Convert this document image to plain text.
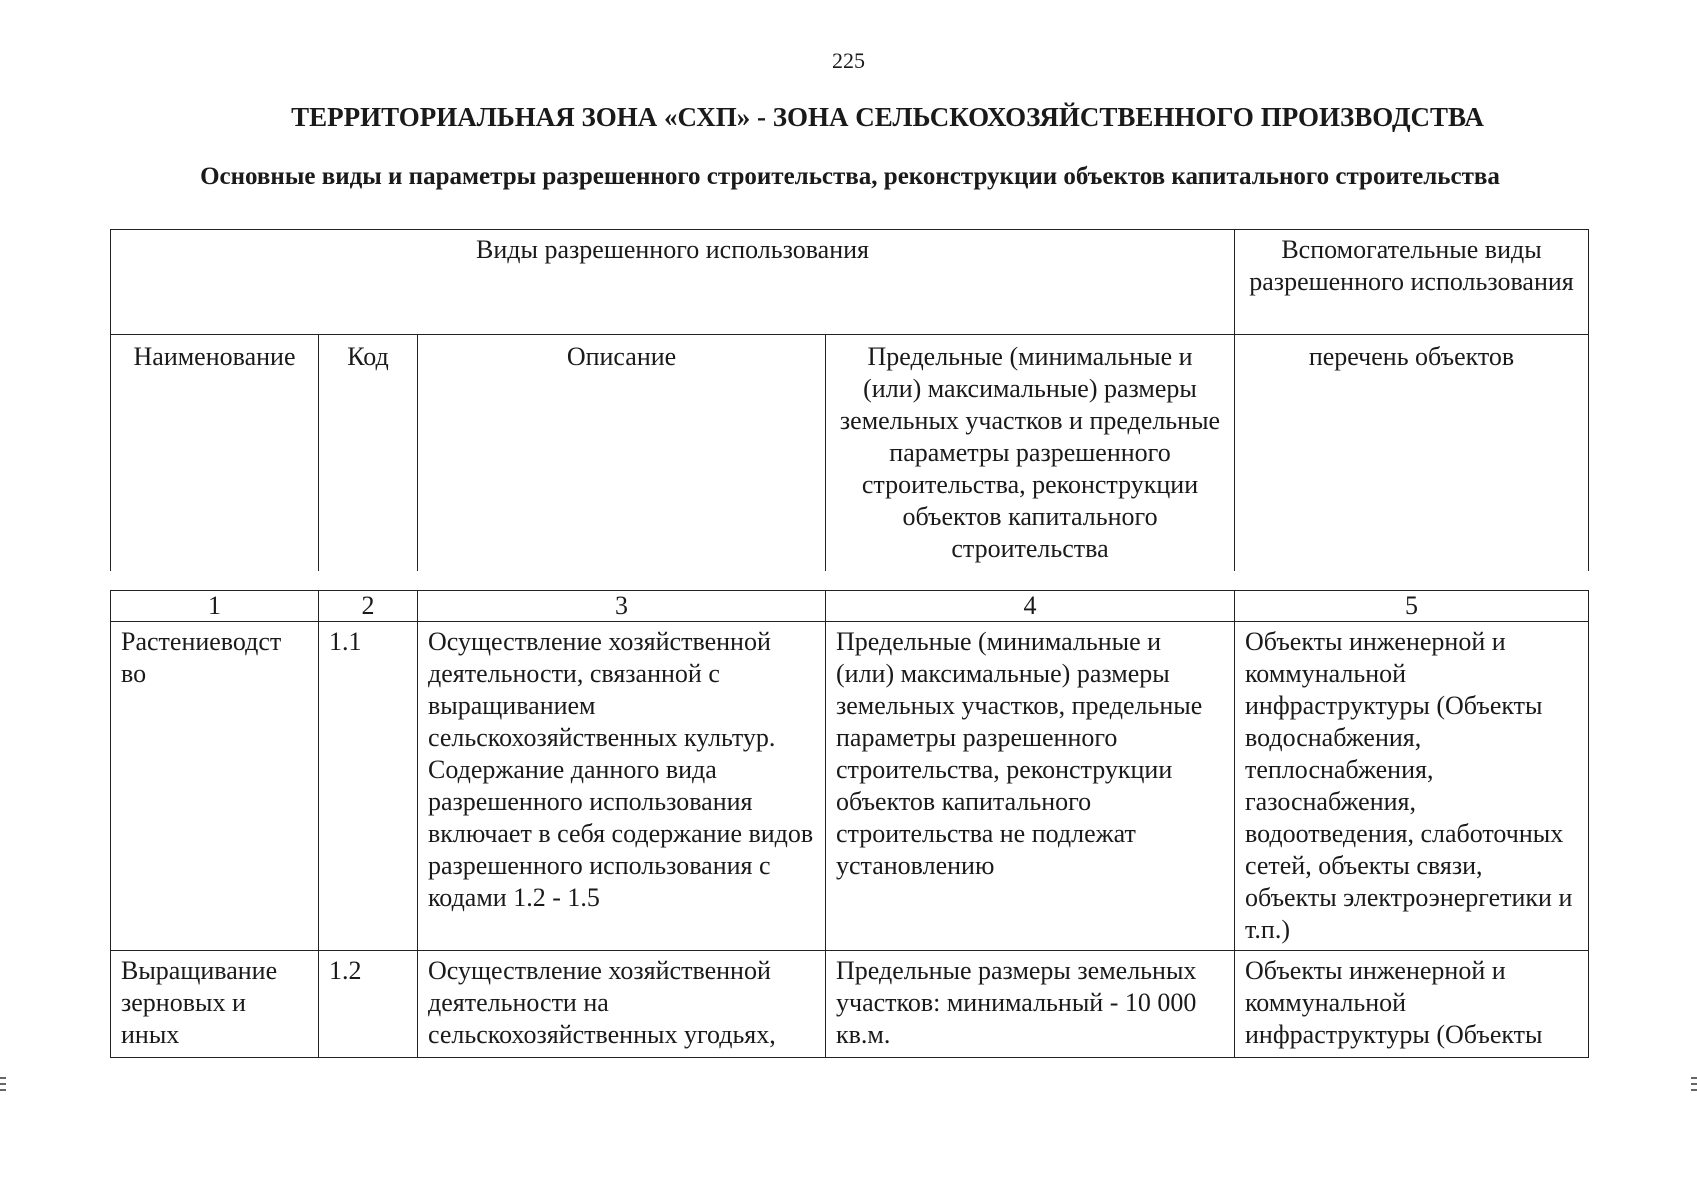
225
ТЕРРИТОРИАЛЬНАЯ ЗОНА «СХП» - ЗОНА СЕЛЬСКОХОЗЯЙСТВЕННОГО ПРОИЗВОДСТВА
Основные виды и параметры разрешенного строительства, реконструкции объектов капитального строительства
Виды разрешенного использования				Вспомогательные виды разрешенного использования
Наименование	Код	Описание	Предельные (минимальные и (или) максимальные) размеры земельных участков и предельные параметры разрешенного строительства, реконструкции объектов капитального строительства	перечень объектов
1	2	3	4	5
Растениеводст во	1.1	Осуществление хозяйственной деятельности, связанной с выращиванием сельскохозяйственных культур. Содержание данного вида разрешенного использования включает в себя содержание видов разрешенного использования с кодами 1.2 - 1.5	Предельные (минимальные и (или) максимальные) размеры земельных участков, предельные параметры разрешенного строительства, реконструкции объектов капитального строительства не подлежат установлению	Объекты инженерной и коммунальной инфраструктуры (Объекты водоснабжения, теплоснабжения, газоснабжения, водоотведения, слаботочных сетей, объекты связи, объекты электроэнергетики и т.п.)

Выращивание зерновых и иных	1.2	Осуществление хозяйственной деятельности на сельскохозяйственных угодьях,	Предельные размеры земельных участков: минимальный - 10 000 кв.м.	Объекты инженерной и коммунальной инфраструктуры (Объекты
